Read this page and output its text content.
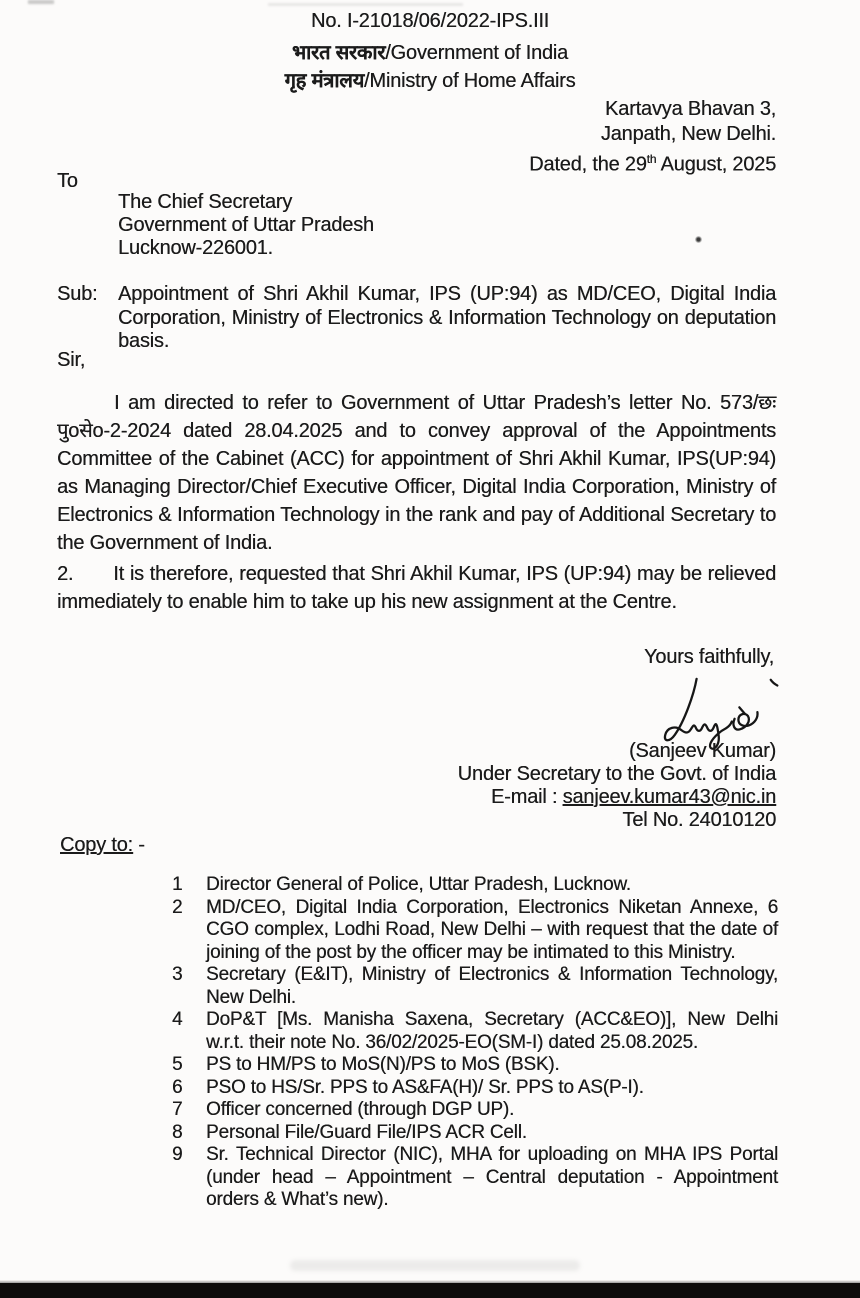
No. I-21018/06/2022-IPS.III
भारत सरकार/Government of India
गृह मंत्रालय/Ministry of Home Affairs
Kartavya Bhavan 3,
Janpath, New Delhi.
Dated, the 29th August, 2025
To
The Chief Secretary
Government of Uttar Pradesh
Lucknow-226001.
Sub:	Appointment of Shri Akhil Kumar, IPS (UP:94) as MD/CEO, Digital India Corporation, Ministry of Electronics & Information Technology on deputation basis.
Sir,

I am directed to refer to Government of Uttar Pradesh’s letter No. 573/छः पुoसेo-2-2024 dated 28.04.2025 and to convey approval of the Appointments Committee of the Cabinet (ACC) for appointment of Shri Akhil Kumar, IPS(UP:94) as Managing Director/Chief Executive Officer, Digital India Corporation, Ministry of Electronics & Information Technology in the rank and pay of Additional Secretary to the Government of India.

2. It is therefore, requested that Shri Akhil Kumar, IPS (UP:94) may be relieved immediately to enable him to take up his new assignment at the Centre.

Yours faithfully,
(Sanjeev Kumar)
Under Secretary to the Govt. of India
E-mail : sanjeev.kumar43@nic.in
Tel No. 24010120
Copy to: -
1	Director General of Police, Uttar Pradesh, Lucknow.
2	MD/CEO, Digital India Corporation, Electronics Niketan Annexe, 6 CGO complex, Lodhi Road, New Delhi – with request that the date of joining of the post by the officer may be intimated to this Ministry.
3	Secretary (E&IT), Ministry of Electronics & Information Technology, New Delhi.
4	DoP&T [Ms. Manisha Saxena, Secretary (ACC&EO)], New Delhi w.r.t. their note No. 36/02/2025-EO(SM-I) dated 25.08.2025.
5	PS to HM/PS to MoS(N)/PS to MoS (BSK).
6	PSO to HS/Sr. PPS to AS&FA(H)/ Sr. PPS to AS(P-I).
7	Officer concerned (through DGP UP).
8	Personal File/Guard File/IPS ACR Cell.
9	Sr. Technical Director (NIC), MHA for uploading on MHA IPS Portal (under head – Appointment – Central deputation - Appointment orders & What’s new).
